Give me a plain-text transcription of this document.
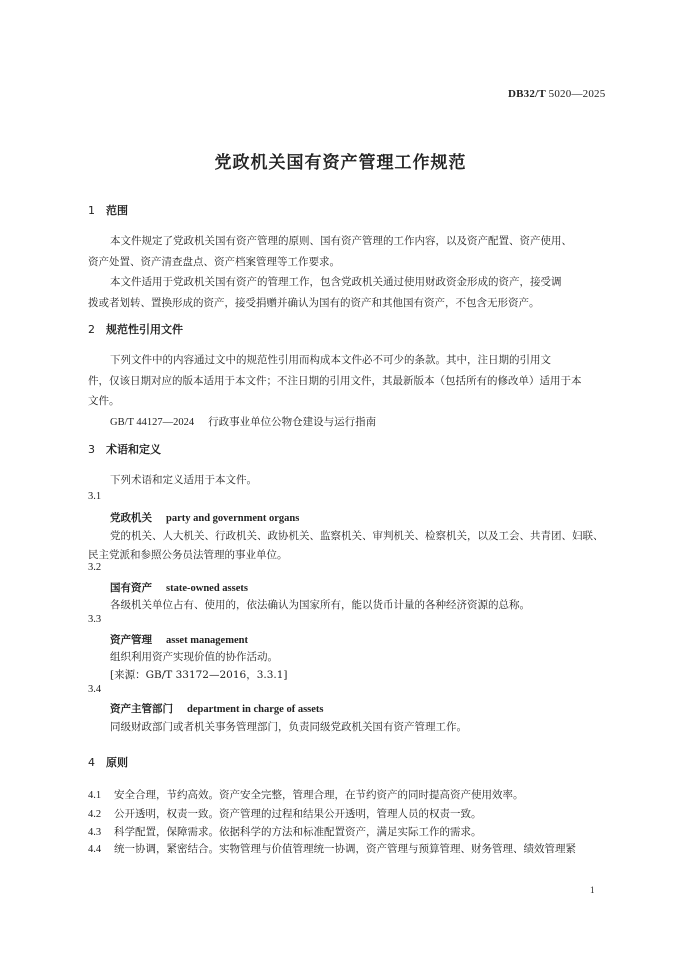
DB32/T 5020—2025
党政机关国有资产管理工作规范
1 范围

本文件规定了党政机关国有资产管理的原则、国有资产管理的工作内容，以及资产配置、资产使用、

资产处置、资产清查盘点、资产档案管理等工作要求。

本文件适用于党政机关国有资产的管理工作，包含党政机关通过使用财政资金形成的资产，接受调

拨或者划转、置换形成的资产，接受捐赠并确认为国有的资产和其他国有资产，不包含无形资产。

2 规范性引用文件

下列文件中的内容通过文中的规范性引用而构成本文件必不可少的条款。其中，注日期的引用文

件，仅该日期对应的版本适用于本文件；不注日期的引用文件，其最新版本（包括所有的修改单）适用于本

文件。

GB/T 44127—2024 行政事业单位公物仓建设与运行指南

3 术语和定义
下列术语和定义适用于本文件。
3.1
党政机关 party and government organs
党的机关、人大机关、行政机关、政协机关、监察机关、审判机关、检察机关，以及工会、共青团、妇联、
民主党派和参照公务员法管理的事业单位。
3.2
国有资产 state-owned assets
各级机关单位占有、使用的，依法确认为国家所有，能以货币计量的各种经济资源的总称。
3.3
资产管理 asset management
组织利用资产实现价值的协作活动。
[来源：GB/T 33172—2016，3.3.1]
3.4
资产主管部门 department in charge of assets
同级财政部门或者机关事务管理部门，负责同级党政机关国有资产管理工作。
4 原则
4.1 安全合理，节约高效。资产安全完整，管理合理，在节约资产的同时提高资产使用效率。
4.2 公开透明，权责一致。资产管理的过程和结果公开透明，管理人员的权责一致。
4.3 科学配置，保障需求。依据科学的方法和标准配置资产，满足实际工作的需求。
4.4 统一协调，紧密结合。实物管理与价值管理统一协调，资产管理与预算管理、财务管理、绩效管理紧
1
